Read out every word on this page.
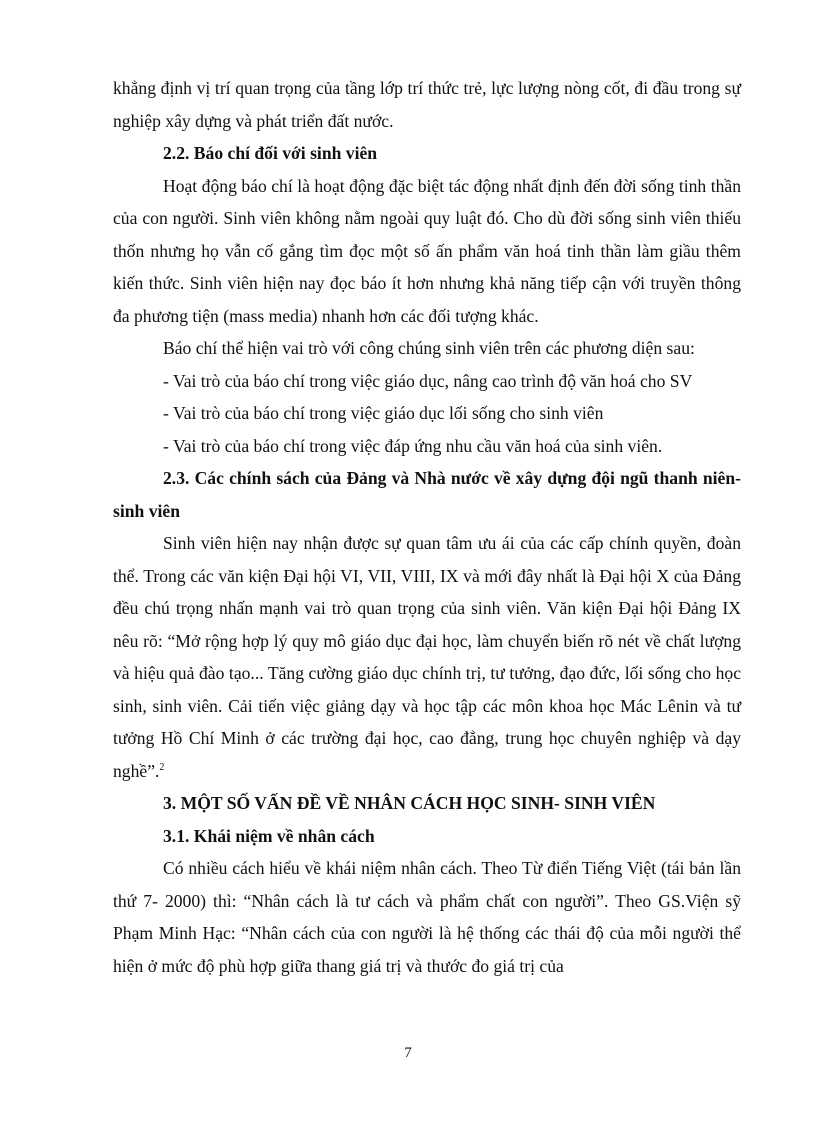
khẳng định vị trí quan trọng của tầng lớp trí thức trẻ, lực lượng nòng cốt, đi đầu trong sự nghiệp xây dựng và phát triển đất nước.

2.2. Báo chí đối với sinh viên

Hoạt động báo chí là hoạt động đặc biệt tác động nhất định đến đời sống tinh thần của con người. Sinh viên không nằm ngoài quy luật đó. Cho dù đời sống sinh viên thiếu thốn nhưng họ vẫn cố gắng tìm đọc một số ấn phẩm văn hoá tinh thần làm giầu thêm kiến thức. Sinh viên hiện nay đọc báo ít hơn nhưng khả năng tiếp cận với truyền thông đa phương tiện (mass media) nhanh hơn các đối tượng khác.

Báo chí thể hiện vai trò với công chúng sinh viên trên các phương diện sau:

- Vai trò của báo chí trong việc giáo dục, nâng cao trình độ văn hoá cho SV

- Vai trò của báo chí trong việc giáo dục lối sống cho sinh viên

- Vai trò của báo chí trong việc đáp ứng nhu cầu văn hoá của sinh viên.

2.3. Các chính sách của Đảng và Nhà nước về xây dựng đội ngũ thanh niên- sinh viên

Sinh viên hiện nay nhận được sự quan tâm ưu ái của các cấp chính quyền, đoàn thể. Trong các văn kiện Đại hội VI, VII, VIII, IX và mới đây nhất là Đại hội X của Đảng đều chú trọng nhấn mạnh vai trò quan trọng của sinh viên. Văn kiện Đại hội Đảng IX nêu rõ: “Mở rộng hợp lý quy mô giáo dục đại học, làm chuyển biến rõ nét về chất lượng và hiệu quả đào tạo... Tăng cường giáo dục chính trị, tư tưởng, đạo đức, lối sống cho học sinh, sinh viên. Cải tiến việc giảng dạy và học tập các môn khoa học Mác Lênin và tư tưởng Hồ Chí Minh ở các trường đại học, cao đẳng, trung học chuyên nghiệp và dạy nghề”.$^2$

3. MỘT SỐ VẤN ĐỀ VỀ NHÂN CÁCH HỌC SINH- SINH VIÊN

3.1. Khái niệm về nhân cách

Có nhiều cách hiểu về khái niệm nhân cách. Theo Từ điển Tiếng Việt (tái bản lần thứ 7- 2000) thì: “Nhân cách là tư cách và phẩm chất con người”. Theo GS.Viện sỹ Phạm Minh Hạc: “Nhân cách của con người là hệ thống các thái độ của mỗi người thể hiện ở mức độ phù hợp giữa thang giá trị và thước đo giá trị của

7
